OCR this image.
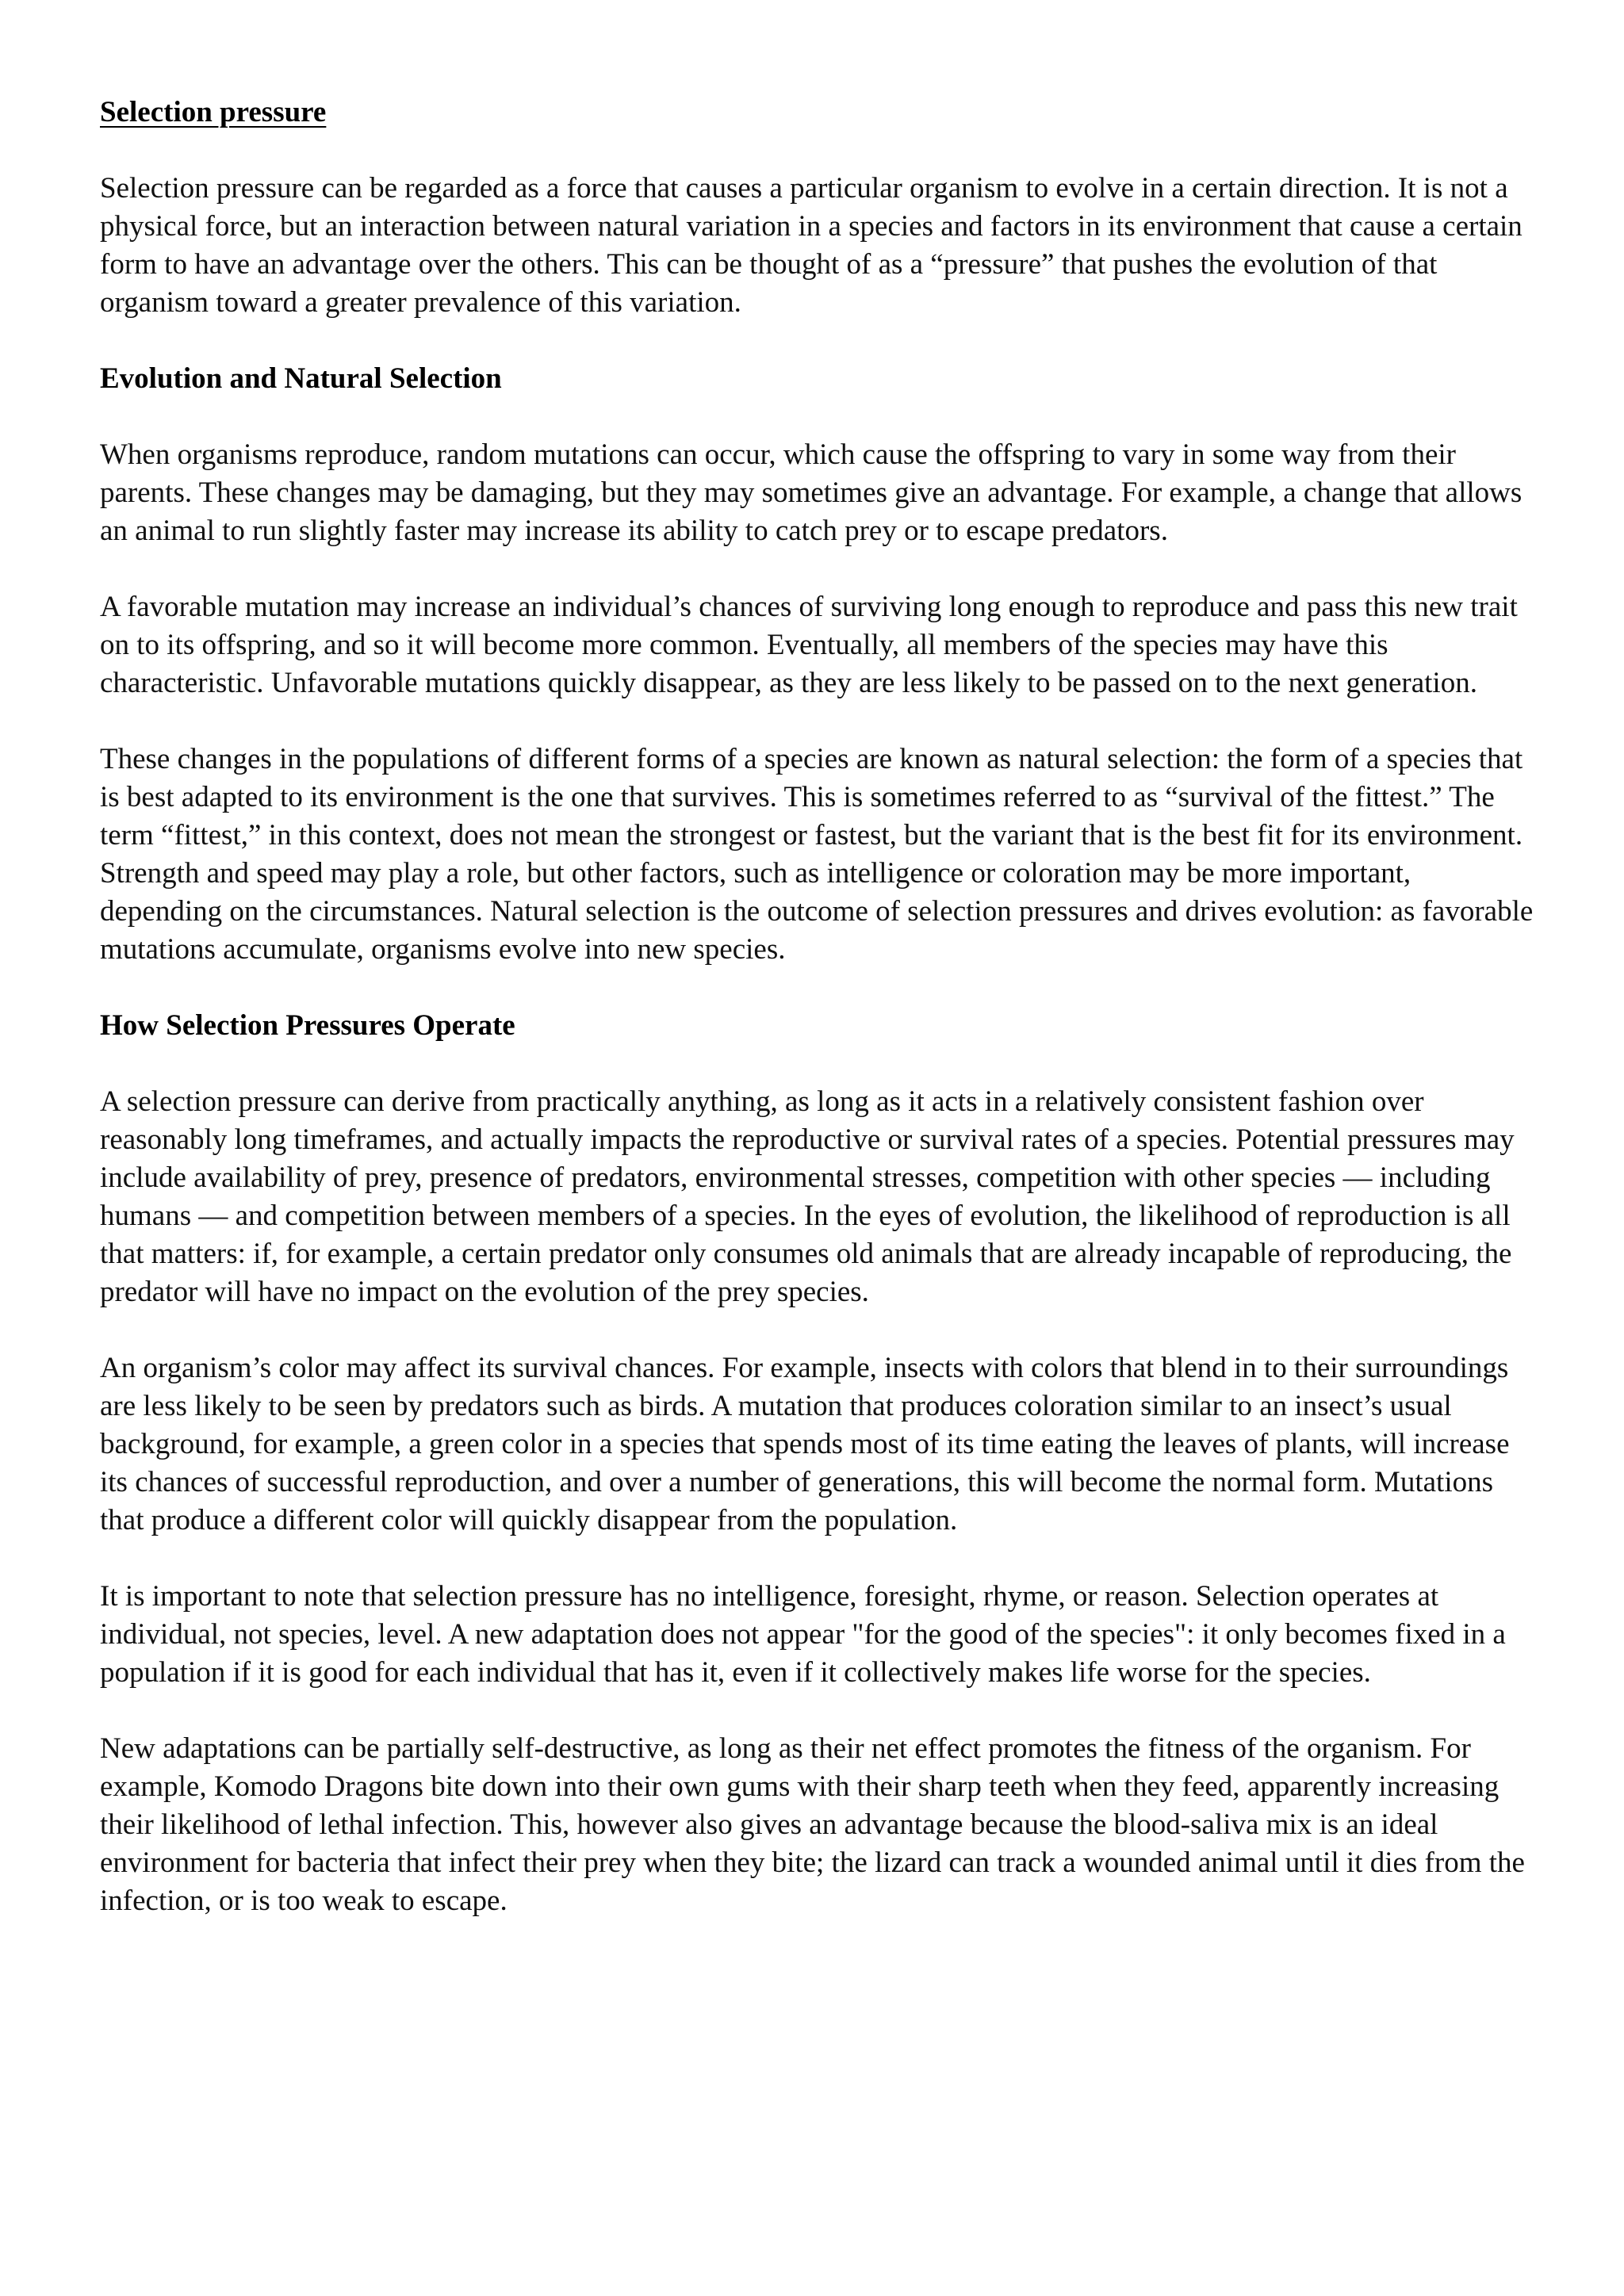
Selection pressure

Selection pressure can be regarded as a force that causes a particular organism to evolve in a certain direction. It is not a physical force, but an interaction between natural variation in a species and factors in its environment that cause a certain form to have an advantage over the others. This can be thought of as a “pressure” that pushes the evolution of that organism toward a greater prevalence of this variation.

Evolution and Natural Selection

When organisms reproduce, random mutations can occur, which cause the offspring to vary in some way from their parents. These changes may be damaging, but they may sometimes give an advantage. For example, a change that allows an animal to run slightly faster may increase its ability to catch prey or to escape predators.

A favorable mutation may increase an individual’s chances of surviving long enough to reproduce and pass this new trait on to its offspring, and so it will become more common. Eventually, all members of the species may have this characteristic. Unfavorable mutations quickly disappear, as they are less likely to be passed on to the next generation.

These changes in the populations of different forms of a species are known as natural selection: the form of a species that is best adapted to its environment is the one that survives. This is sometimes referred to as “survival of the fittest.” The term “fittest,” in this context, does not mean the strongest or fastest, but the variant that is the best fit for its environment. Strength and speed may play a role, but other factors, such as intelligence or coloration may be more important, depending on the circumstances. Natural selection is the outcome of selection pressures and drives evolution: as favorable mutations accumulate, organisms evolve into new species.

How Selection Pressures Operate

A selection pressure can derive from practically anything, as long as it acts in a relatively consistent fashion over reasonably long timeframes, and actually impacts the reproductive or survival rates of a species. Potential pressures may include availability of prey, presence of predators, environmental stresses, competition with other species — including humans — and competition between members of a species. In the eyes of evolution, the likelihood of reproduction is all that matters: if, for example, a certain predator only consumes old animals that are already incapable of reproducing, the predator will have no impact on the evolution of the prey species.

An organism’s color may affect its survival chances. For example, insects with colors that blend in to their surroundings are less likely to be seen by predators such as birds. A mutation that produces coloration similar to an insect’s usual background, for example, a green color in a species that spends most of its time eating the leaves of plants, will increase its chances of successful reproduction, and over a number of generations, this will become the normal form. Mutations that produce a different color will quickly disappear from the population.

It is important to note that selection pressure has no intelligence, foresight, rhyme, or reason. Selection operates at individual, not species, level. A new adaptation does not appear "for the good of the species": it only becomes fixed in a population if it is good for each individual that has it, even if it collectively makes life worse for the species.

New adaptations can be partially self-destructive, as long as their net effect promotes the fitness of the organism. For example, Komodo Dragons bite down into their own gums with their sharp teeth when they feed, apparently increasing their likelihood of lethal infection. This, however also gives an advantage because the blood-saliva mix is an ideal environment for bacteria that infect their prey when they bite; the lizard can track a wounded animal until it dies from the infection, or is too weak to escape.
